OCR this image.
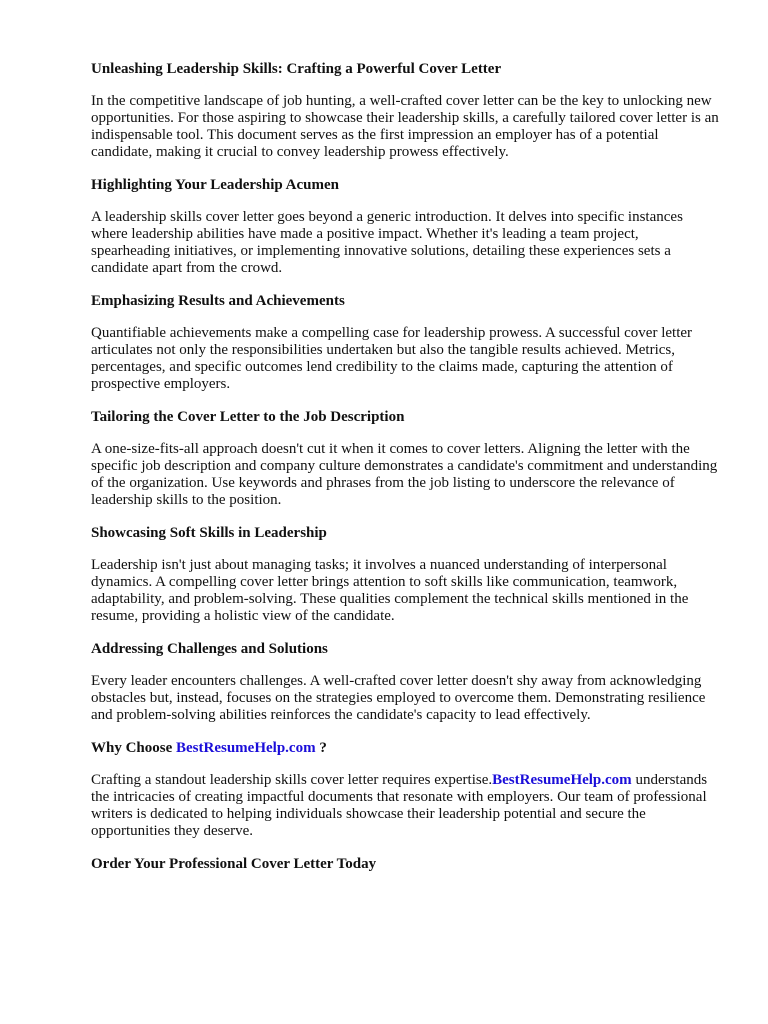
Unleashing Leadership Skills: Crafting a Powerful Cover Letter

In the competitive landscape of job hunting, a well-crafted cover letter can be the key to unlocking new opportunities. For those aspiring to showcase their leadership skills, a carefully tailored cover letter is an indispensable tool. This document serves as the first impression an employer has of a potential candidate, making it crucial to convey leadership prowess effectively.

Highlighting Your Leadership Acumen

A leadership skills cover letter goes beyond a generic introduction. It delves into specific instances where leadership abilities have made a positive impact. Whether it's leading a team project, spearheading initiatives, or implementing innovative solutions, detailing these experiences sets a candidate apart from the crowd.

Emphasizing Results and Achievements

Quantifiable achievements make a compelling case for leadership prowess. A successful cover letter articulates not only the responsibilities undertaken but also the tangible results achieved. Metrics, percentages, and specific outcomes lend credibility to the claims made, capturing the attention of prospective employers.

Tailoring the Cover Letter to the Job Description

A one-size-fits-all approach doesn't cut it when it comes to cover letters. Aligning the letter with the specific job description and company culture demonstrates a candidate's commitment and understanding of the organization. Use keywords and phrases from the job listing to underscore the relevance of leadership skills to the position.

Showcasing Soft Skills in Leadership

Leadership isn't just about managing tasks; it involves a nuanced understanding of interpersonal dynamics. A compelling cover letter brings attention to soft skills like communication, teamwork, adaptability, and problem-solving. These qualities complement the technical skills mentioned in the resume, providing a holistic view of the candidate.

Addressing Challenges and Solutions

Every leader encounters challenges. A well-crafted cover letter doesn't shy away from acknowledging obstacles but, instead, focuses on the strategies employed to overcome them. Demonstrating resilience and problem-solving abilities reinforces the candidate's capacity to lead effectively.

Why Choose BestResumeHelp.com ?

Crafting a standout leadership skills cover letter requires expertise.BestResumeHelp.com understands the intricacies of creating impactful documents that resonate with employers. Our team of professional writers is dedicated to helping individuals showcase their leadership potential and secure the opportunities they deserve.

Order Your Professional Cover Letter Today
